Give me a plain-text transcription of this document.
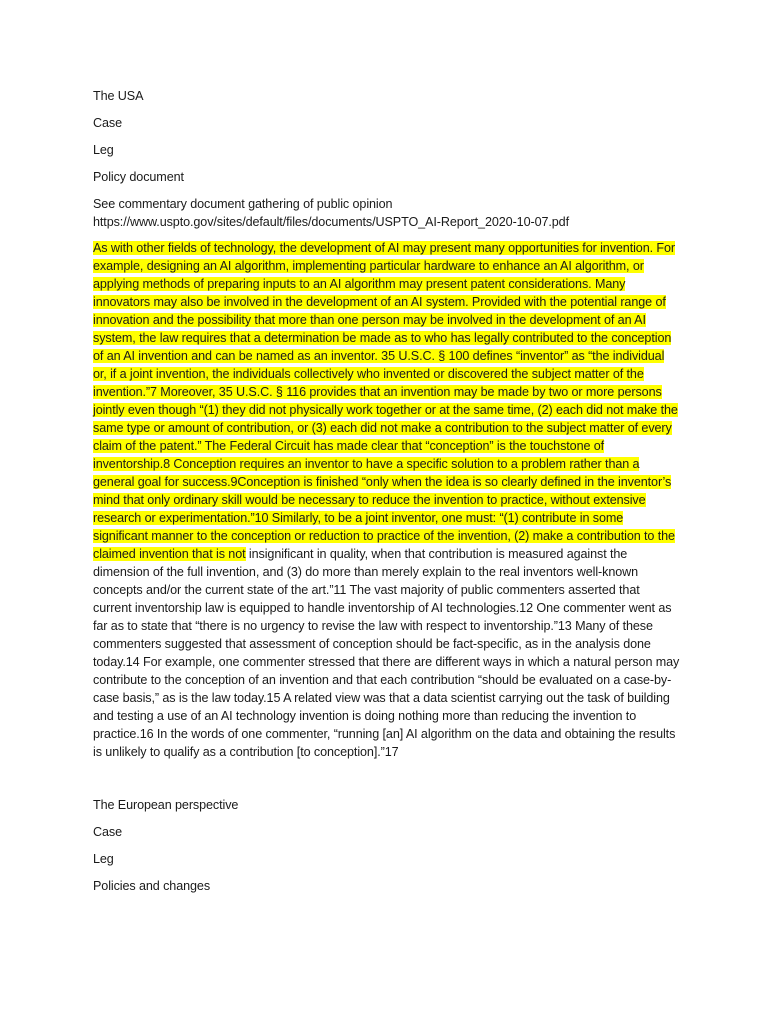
The USA

Case

Leg

Policy document

See commentary document gathering of public opinion
https://www.uspto.gov/sites/default/files/documents/USPTO_AI-Report_2020-10-07.pdf

As with other fields of technology, the development of AI may present many opportunities for invention. For example, designing an AI algorithm, implementing particular hardware to enhance an AI algorithm, or applying methods of preparing inputs to an AI algorithm may present patent considerations. Many innovators may also be involved in the development of an AI system. Provided with the potential range of innovation and the possibility that more than one person may be involved in the development of an AI system, the law requires that a determination be made as to who has legally contributed to the conception of an AI invention and can be named as an inventor. 35 U.S.C. § 100 defines “inventor” as “the individual or, if a joint invention, the individuals collectively who invented or discovered the subject matter of the invention.”7 Moreover, 35 U.S.C. § 116 provides that an invention may be made by two or more persons jointly even though “(1) they did not physically work together or at the same time, (2) each did not make the same type or amount of contribution, or (3) each did not make a contribution to the subject matter of every claim of the patent.” The Federal Circuit has made clear that “conception” is the touchstone of inventorship.8 Conception requires an inventor to have a specific solution to a problem rather than a general goal for success.9Conception is finished “only when the idea is so clearly defined in the inventor’s mind that only ordinary skill would be necessary to reduce the invention to practice, without extensive research or experimentation.”10 Similarly, to be a joint inventor, one must: “(1) contribute in some significant manner to the conception or reduction to practice of the invention, (2) make a contribution to the claimed invention that is not insignificant in quality, when that contribution is measured against the dimension of the full invention, and (3) do more than merely explain to the real inventors well-known concepts and/or the current state of the art.”11 The vast majority of public commenters asserted that current inventorship law is equipped to handle inventorship of AI technologies.12 One commenter went as far as to state that “there is no urgency to revise the law with respect to inventorship.”13 Many of these commenters suggested that assessment of conception should be fact-specific, as in the analysis done today.14 For example, one commenter stressed that there are different ways in which a natural person may contribute to the conception of an invention and that each contribution “should be evaluated on a case-by-case basis,” as is the law today.15 A related view was that a data scientist carrying out the task of building and testing a use of an AI technology invention is doing nothing more than reducing the invention to practice.16 In the words of one commenter, “running [an] AI algorithm on the data and obtaining the results is unlikely to qualify as a contribution [to conception].”17

The European perspective

Case

Leg

Policies and changes
